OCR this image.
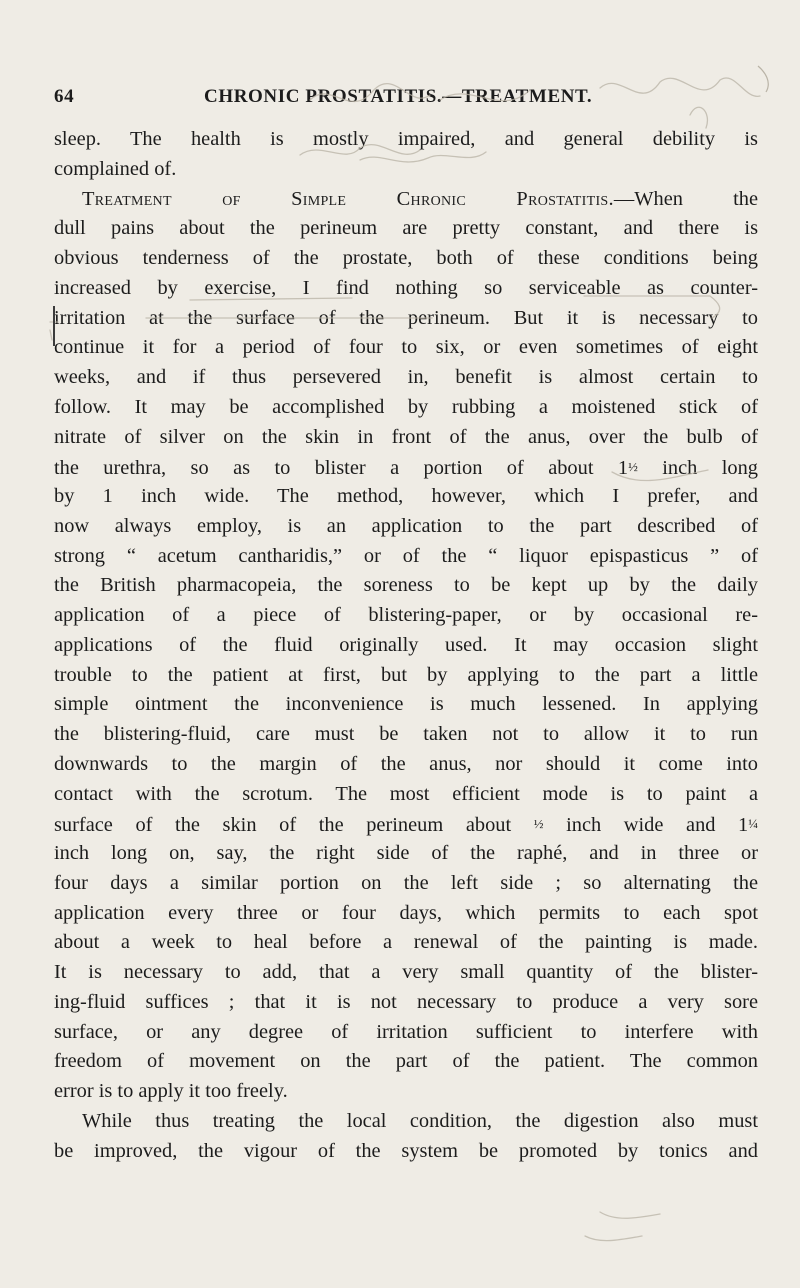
64	CHRONIC PROSTATITIS.—TREATMENT.
sleep. The health is mostly impaired, and general debility is
complained of.
Treatment of Simple Chronic Prostatitis.—When the
dull pains about the perineum are pretty constant, and there is
obvious tenderness of the prostate, both of these conditions being
increased by exercise, I find nothing so serviceable as counter-
irritation at the surface of the perineum. But it is necessary to
continue it for a period of four to six, or even sometimes of eight
weeks, and if thus persevered in, benefit is almost certain to
follow. It may be accomplished by rubbing a moistened stick of
nitrate of silver on the skin in front of the anus, over the bulb of
the urethra, so as to blister a portion of about 1½ inch long
by 1 inch wide. The method, however, which I prefer, and
now always employ, is an application to the part described of
strong “ acetum cantharidis,” or of the “ liquor epispasticus ” of
the British pharmacopeia, the soreness to be kept up by the daily
application of a piece of blistering-paper, or by occasional re-
applications of the fluid originally used. It may occasion slight
trouble to the patient at first, but by applying to the part a little
simple ointment the inconvenience is much lessened. In applying
the blistering-fluid, care must be taken not to allow it to run
downwards to the margin of the anus, nor should it come into
contact with the scrotum. The most efficient mode is to paint a
surface of the skin of the perineum about ½ inch wide and 1¼
inch long on, say, the right side of the raphé, and in three or
four days a similar portion on the left side ; so alternating the
application every three or four days, which permits to each spot
about a week to heal before a renewal of the painting is made.
It is necessary to add, that a very small quantity of the blister-
ing-fluid suffices ; that it is not necessary to produce a very sore
surface, or any degree of irritation sufficient to interfere with
freedom of movement on the part of the patient. The common
error is to apply it too freely.
While thus treating the local condition, the digestion also must
be improved, the vigour of the system be promoted by tonics and
